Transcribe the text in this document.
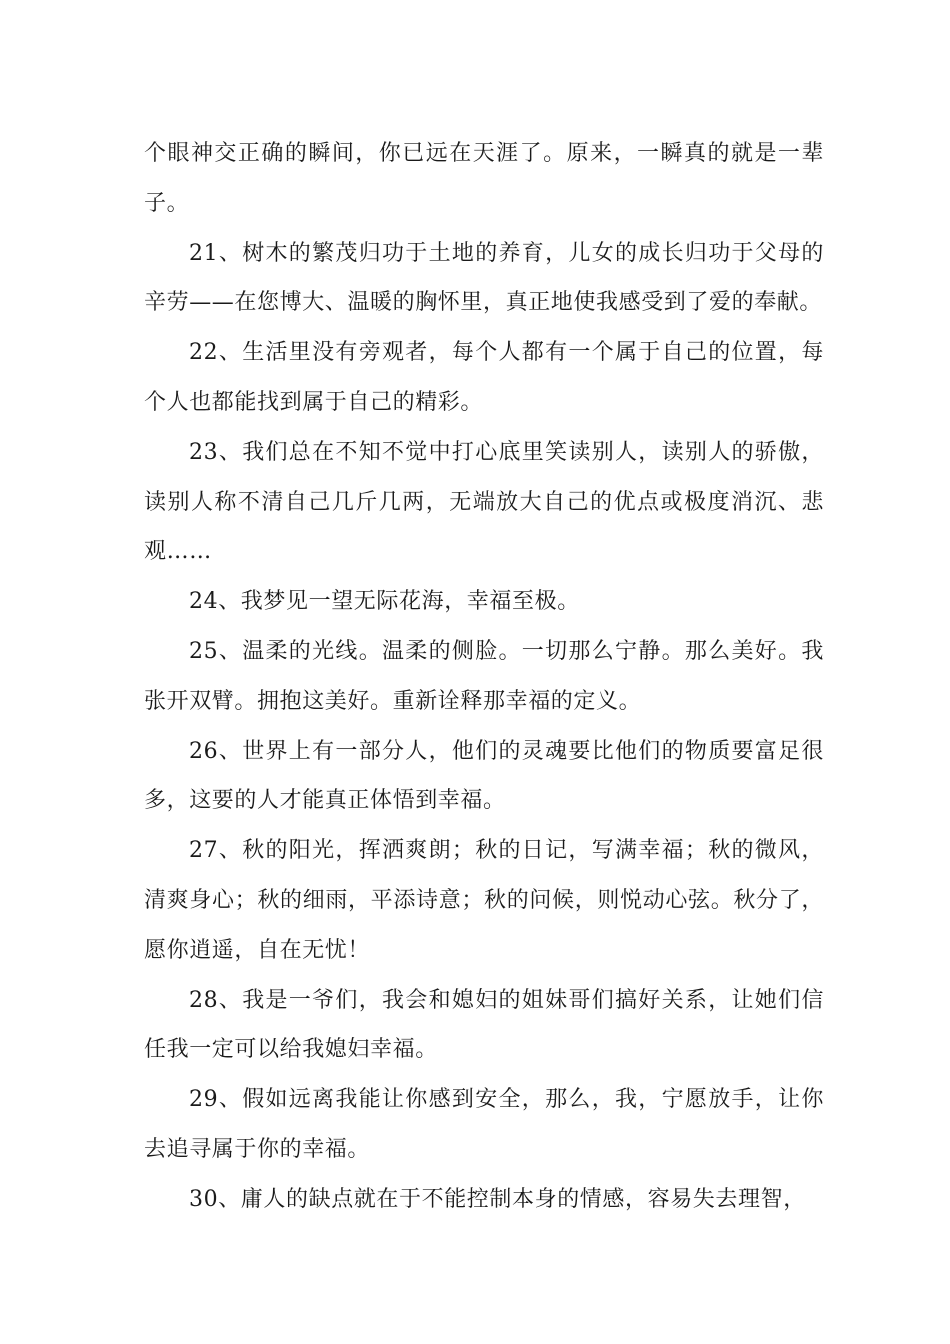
个眼神交正确的瞬间，你已远在天涯了。原来，一瞬真的就是一辈子。

21、树木的繁茂归功于土地的养育，儿女的成长归功于父母的辛劳——在您博大、温暖的胸怀里，真正地使我感受到了爱的奉献。

22、生活里没有旁观者，每个人都有一个属于自己的位置，每个人也都能找到属于自己的精彩。

23、我们总在不知不觉中打心底里笑读别人，读别人的骄傲，读别人称不清自己几斤几两，无端放大自己的优点或极度消沉、悲观……

24、我梦见一望无际花海，幸福至极。

25、温柔的光线。温柔的侧脸。一切那么宁静。那么美好。我张开双臂。拥抱这美好。重新诠释那幸福的定义。

26、世界上有一部分人，他们的灵魂要比他们的物质要富足很多，这要的人才能真正体悟到幸福。

27、秋的阳光，挥洒爽朗；秋的日记，写满幸福；秋的微风，清爽身心；秋的细雨，平添诗意；秋的问候，则悦动心弦。秋分了，愿你逍遥，自在无忧！

28、我是一爷们，我会和媳妇的姐妹哥们搞好关系，让她们信任我一定可以给我媳妇幸福。

29、假如远离我能让你感到安全，那么，我，宁愿放手，让你去追寻属于你的幸福。

30、庸人的缺点就在于不能控制本身的情感，容易失去理智，
